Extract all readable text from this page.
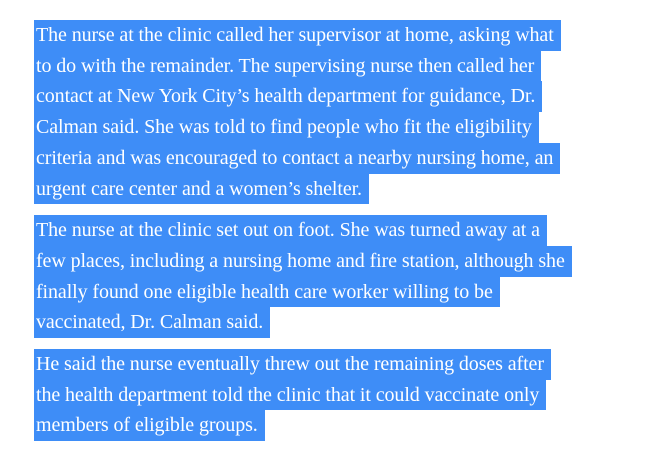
The nurse at the clinic called her supervisor at home, asking what
to do with the remainder. The supervising nurse then called her
contact at New York City’s health department for guidance, Dr.
Calman said. She was told to find people who fit the eligibility
criteria and was encouraged to contact a nearby nursing home, an
urgent care center and a women’s shelter.
The nurse at the clinic set out on foot. She was turned away at a
few places, including a nursing home and fire station, although she
finally found one eligible health care worker willing to be
vaccinated, Dr. Calman said.
He said the nurse eventually threw out the remaining doses after
the health department told the clinic that it could vaccinate only
members of eligible groups.
